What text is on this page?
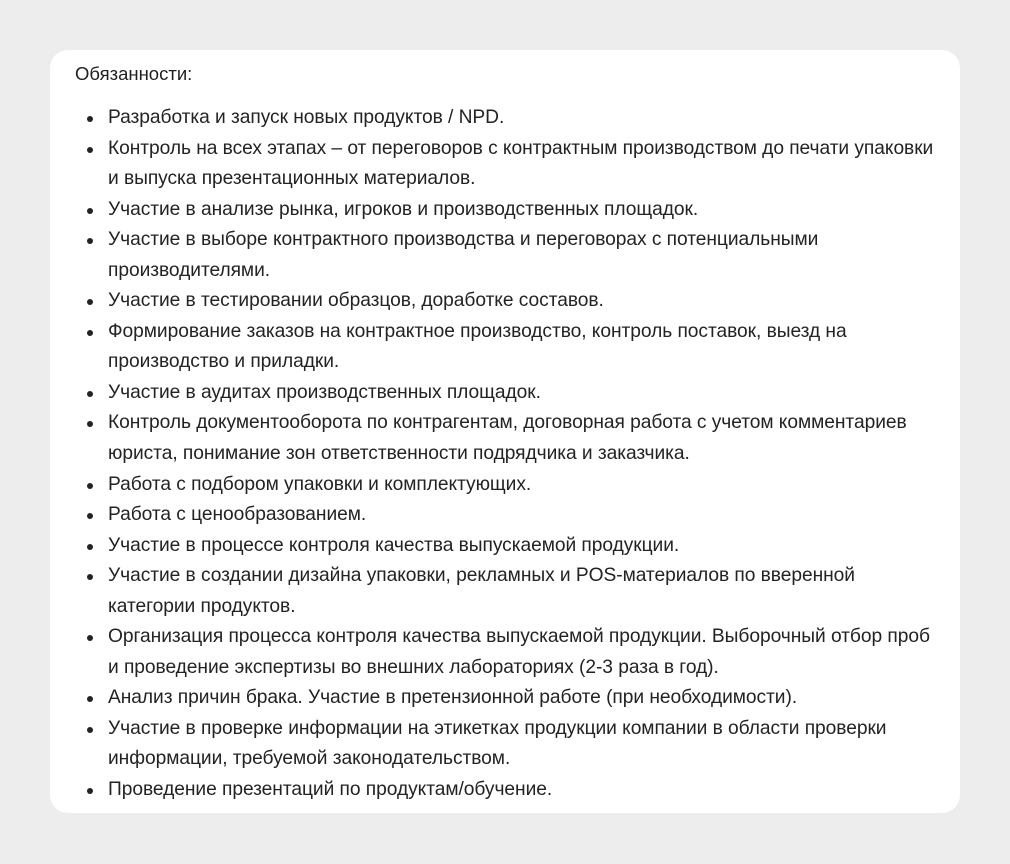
Обязанности:
Разработка и запуск новых продуктов / NPD.
Контроль на всех этапах – от переговоров с контрактным производством до печати упаковки и выпуска презентационных материалов.
Участие в анализе рынка, игроков и производственных площадок.
Участие в выборе контрактного производства и переговорах с потенциальными производителями.
Участие в тестировании образцов, доработке составов.
Формирование заказов на контрактное производство, контроль поставок, выезд на производство и приладки.
Участие в аудитах производственных площадок.
Контроль документооборота по контрагентам, договорная работа с учетом комментариев юриста, понимание зон ответственности подрядчика и заказчика.
Работа с подбором упаковки и комплектующих.
Работа с ценообразованием.
Участие в процессе контроля качества выпускаемой продукции.
Участие в создании дизайна упаковки, рекламных и POS-материалов по вверенной категории продуктов.
Организация процесса контроля качества выпускаемой продукции. Выборочный отбор проб и проведение экспертизы во внешних лабораториях (2-3 раза в год).
Анализ причин брака. Участие в претензионной работе (при необходимости).
Участие в проверке информации на этикетках продукции компании в области проверки информации, требуемой законодательством.
Проведение презентаций по продуктам/обучение.
